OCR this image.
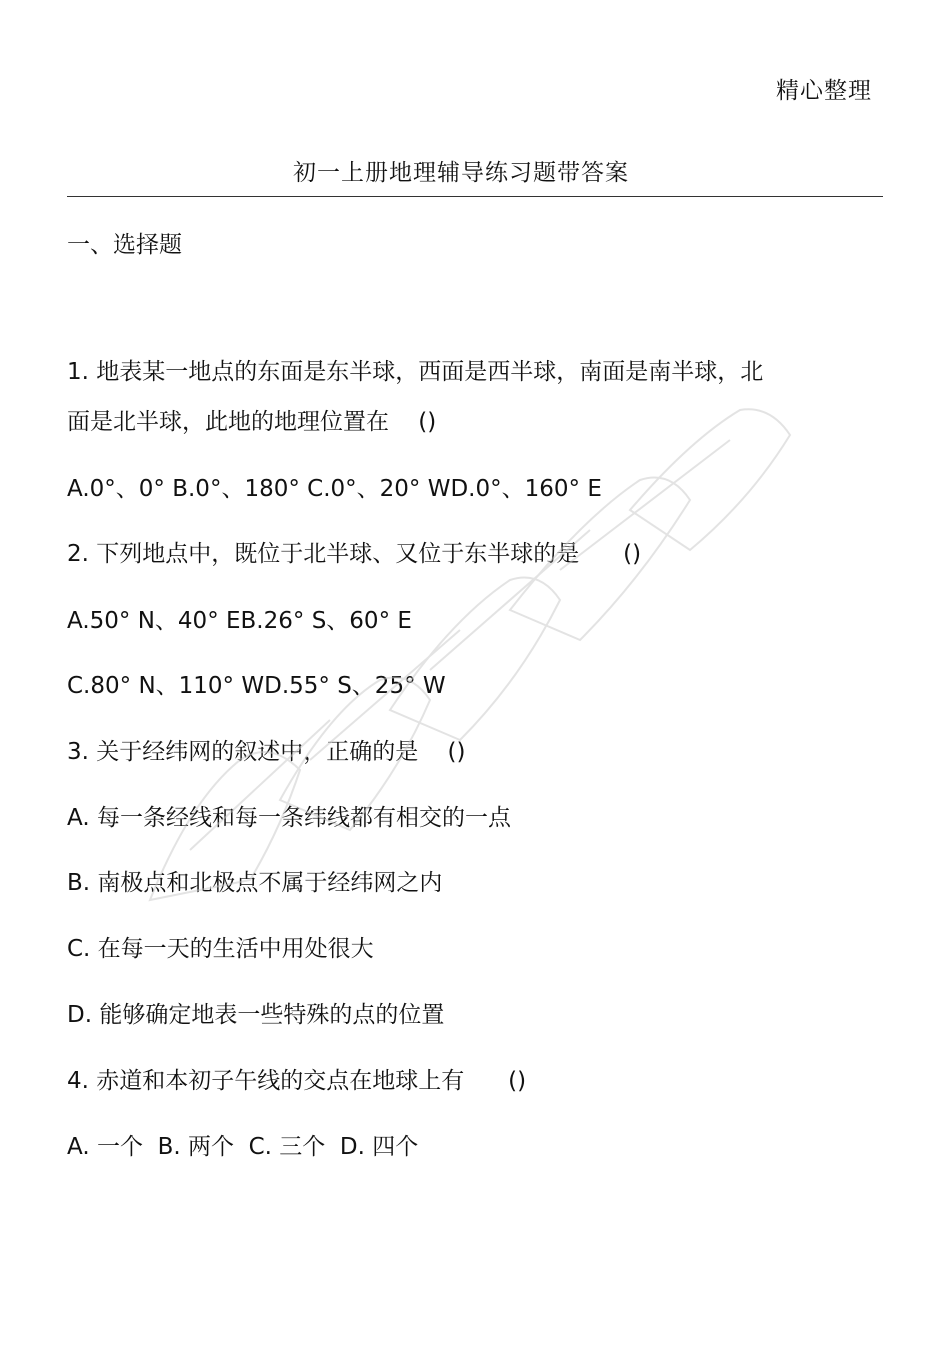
精心整理
初一上册地理辅导练习题带答案
一、选择题
1. 地表某一地点的东面是东半球，西面是西半球，南面是南半球，北
面是北半球，此地的地理位置在    ()
A.0°、0° B.0°、180° C.0°、20° WD.0°、160° E
2. 下列地点中，既位于北半球、又位于东半球的是      ()
A.50° N、40° EB.26° S、60° E
C.80° N、110° WD.55° S、25° W
3. 关于经纬网的叙述中，正确的是    ()
A. 每一条经线和每一条纬线都有相交的一点
B. 南极点和北极点不属于经纬网之内
C. 在每一天的生活中用处很大
D. 能够确定地表一些特殊的点的位置
4. 赤道和本初子午线的交点在地球上有      ()
A. 一个  B. 两个  C. 三个  D. 四个
